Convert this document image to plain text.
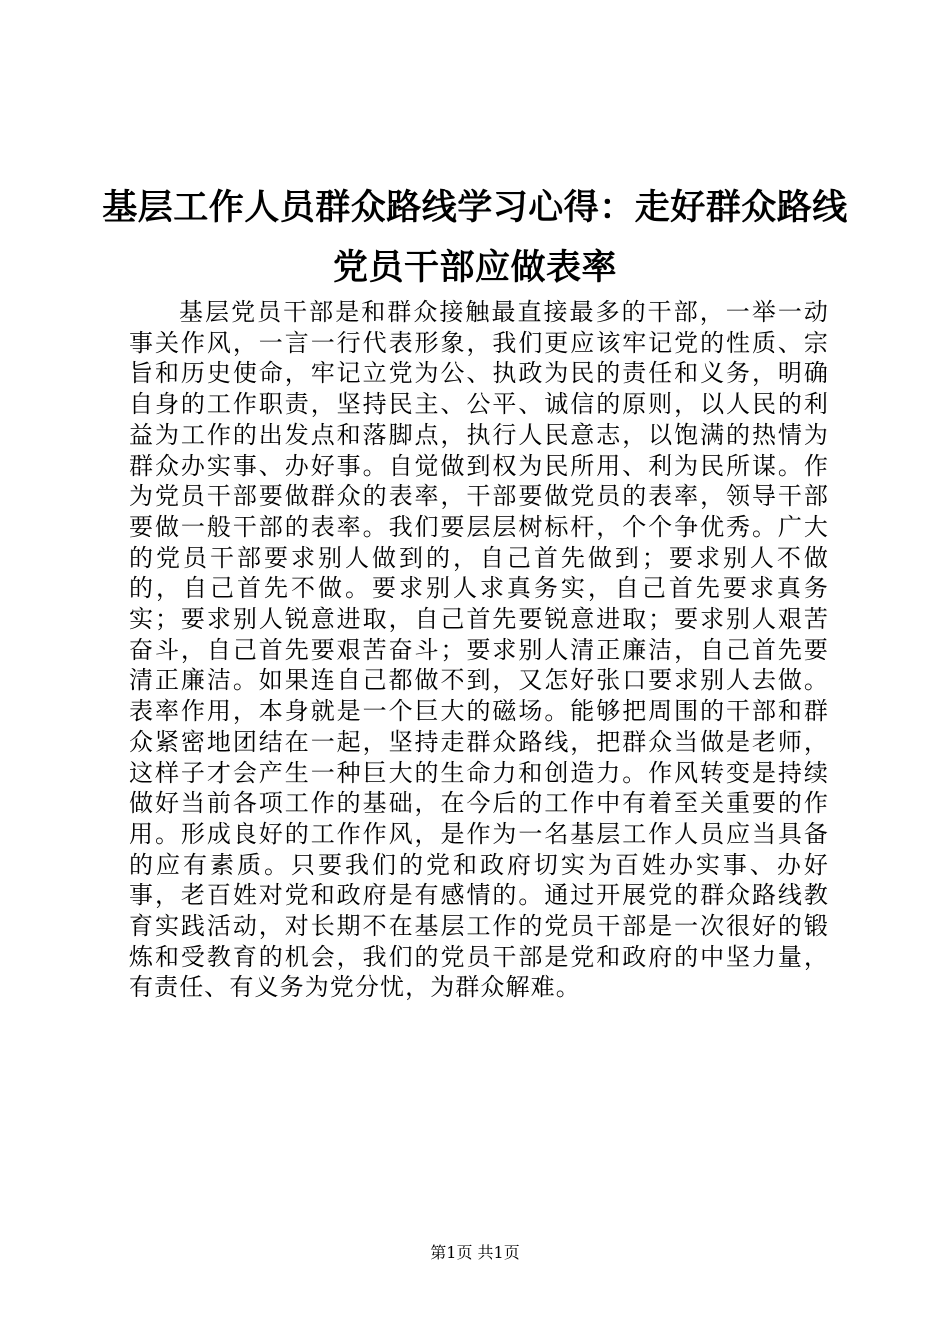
基层工作人员群众路线学习心得：走好群众路线党员干部应做表率

基层党员干部是和群众接触最直接最多的干部，一举一动事关作风，一言一行代表形象，我们更应该牢记党的性质、宗旨和历史使命，牢记立党为公、执政为民的责任和义务，明确自身的工作职责，坚持民主、公平、诚信的原则，以人民的利益为工作的出发点和落脚点，执行人民意志，以饱满的热情为群众办实事、办好事。自觉做到权为民所用、利为民所谋。作为党员干部要做群众的表率，干部要做党员的表率，领导干部要做一般干部的表率。我们要层层树标杆，个个争优秀。广大的党员干部要求别人做到的，自己首先做到；要求别人不做的，自己首先不做。要求别人求真务实，自己首先要求真务实；要求别人锐意进取，自己首先要锐意进取；要求别人艰苦奋斗，自己首先要艰苦奋斗；要求别人清正廉洁，自己首先要清正廉洁。如果连自己都做不到，又怎好张口要求别人去做。表率作用，本身就是一个巨大的磁场。能够把周围的干部和群众紧密地团结在一起，坚持走群众路线，把群众当做是老师，这样子才会产生一种巨大的生命力和创造力。作风转变是持续做好当前各项工作的基础，在今后的工作中有着至关重要的作用。形成良好的工作作风，是作为一名基层工作人员应当具备的应有素质。只要我们的党和政府切实为百姓办实事、办好事，老百姓对党和政府是有感情的。通过开展党的群众路线教育实践活动，对长期不在基层工作的党员干部是一次很好的锻炼和受教育的机会，我们的党员干部是党和政府的中坚力量，有责任、有义务为党分忧，为群众解难。

第1页 共1页
